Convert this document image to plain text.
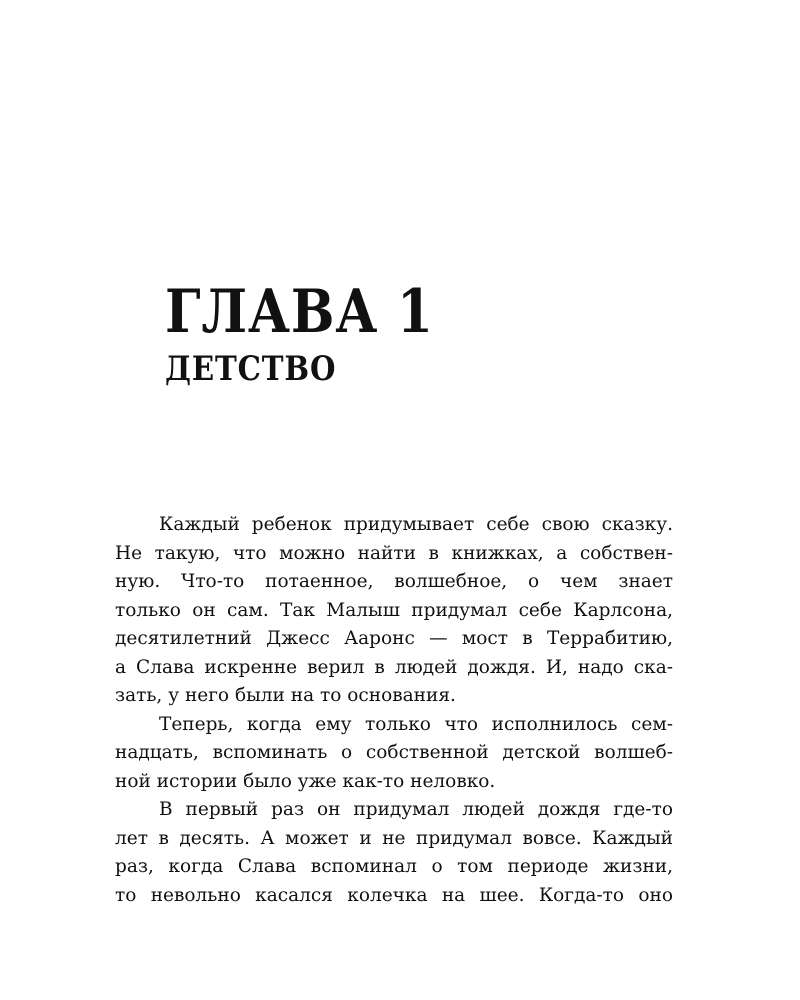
ГЛАВА 1
ДЕТСТВО
Каждый ребенок придумывает себе свою сказку.
Не такую, что можно найти в книжках, а собствен-
ную. Что-то потаенное, волшебное, о чем знает
только он сам. Так Малыш придумал себе Карлсона,
десятилетний Джесс Ааронс — мост в Террабитию,
а Слава искренне верил в людей дождя. И, надо ска-
зать, у него были на то основания.
Теперь, когда ему только что исполнилось сем-
надцать, вспоминать о собственной детской волшеб-
ной истории было уже как-то неловко.
В первый раз он придумал людей дождя где-то
лет в десять. А может и не придумал вовсе. Каждый
раз, когда Слава вспоминал о том периоде жизни,
то невольно касался колечка на шее. Когда-то оно
